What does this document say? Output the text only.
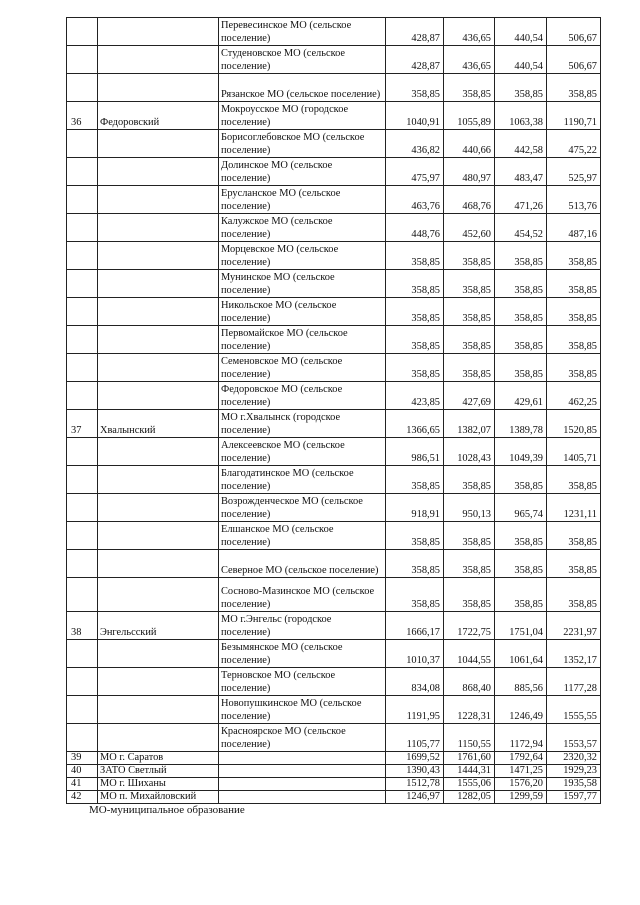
		Перевесинское МО (сельское поселение)	428,87	436,65	440,54	506,67
		Студеновское МО (сельское поселение)	428,87	436,65	440,54	506,67
		Рязанское МО (сельское поселение)	358,85	358,85	358,85	358,85
36	Федоровский	Мокроусское МО (городское поселение)	1040,91	1055,89	1063,38	1190,71
		Борисоглебовское МО (сельское поселение)	436,82	440,66	442,58	475,22
		Долинское МО (сельское поселение)	475,97	480,97	483,47	525,97
		Ерусланское МО (сельское поселение)	463,76	468,76	471,26	513,76
		Калужское МО (сельское поселение)	448,76	452,60	454,52	487,16
		Морцевское МО (сельское поселение)	358,85	358,85	358,85	358,85
		Мунинское МО (сельское поселение)	358,85	358,85	358,85	358,85
		Никольское МО (сельское поселение)	358,85	358,85	358,85	358,85
		Первомайское МО (сельское поселение)	358,85	358,85	358,85	358,85
		Семеновское МО (сельское поселение)	358,85	358,85	358,85	358,85
		Федоровское МО (сельское поселение)	423,85	427,69	429,61	462,25
37	Хвалынский	МО г.Хвалынск (городское поселение)	1366,65	1382,07	1389,78	1520,85
		Алексеевское МО (сельское поселение)	986,51	1028,43	1049,39	1405,71
		Благодатинское МО (сельское поселение)	358,85	358,85	358,85	358,85
		Возрожденческое МО (сельское поселение)	918,91	950,13	965,74	1231,11
		Елшанское МО (сельское поселение)	358,85	358,85	358,85	358,85
		Северное МО (сельское поселение)	358,85	358,85	358,85	358,85
		Сосново-Мазинское МО (сельское поселение)	358,85	358,85	358,85	358,85
38	Энгельсский	МО г.Энгельс (городское поселение)	1666,17	1722,75	1751,04	2231,97
		Безымянское МО (сельское поселение)	1010,37	1044,55	1061,64	1352,17
		Терновское МО (сельское поселение)	834,08	868,40	885,56	1177,28
		Новопушкинское МО (сельское поселение)	1191,95	1228,31	1246,49	1555,55
		Красноярское МО (сельское поселение)	1105,77	1150,55	1172,94	1553,57
39	МО г. Саратов		1699,52	1761,60	1792,64	2320,32
40	ЗАТО Светлый		1390,43	1444,31	1471,25	1929,23
41	МО г. Шиханы		1512,78	1555,06	1576,20	1935,58
42	МО п. Михайловский		1246,97	1282,05	1299,59	1597,77
МО-муниципальное образование
